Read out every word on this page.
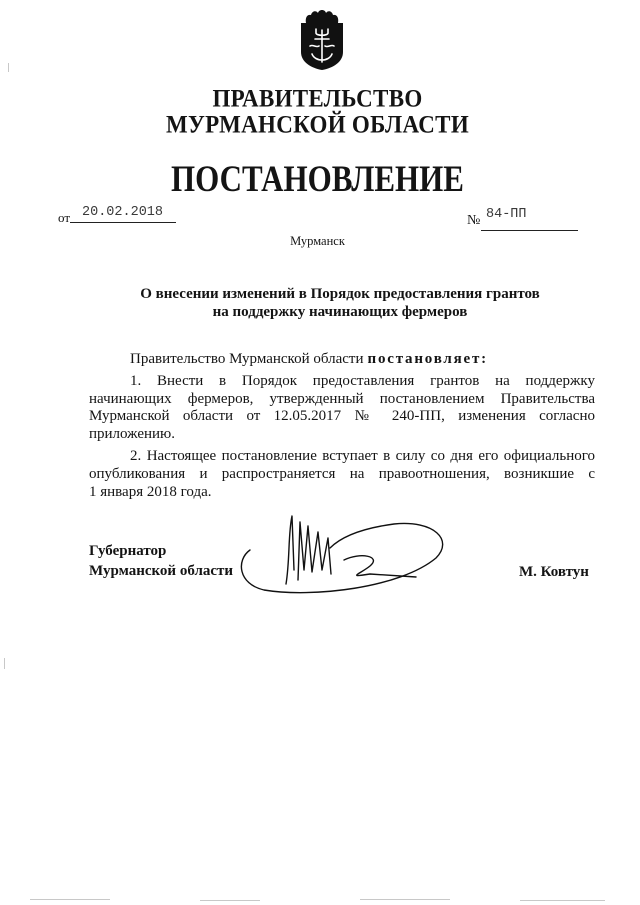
ПРАВИТЕЛЬСТВО
МУРМАНСКОЙ ОБЛАСТИ
ПОСТАНОВЛЕНИЕ
от 20.02.2018
№ 84-ПП
Мурманск
О внесении изменений в Порядок предоставления грантов
на поддержку начинающих фермеров
Правительство Мурманской области постановляет:
1. Внести в Порядок предоставления грантов на поддержку
начинающих фермеров, утвержденный постановлением Правительства
Мурманской области от 12.05.2017 № 240-ПП, изменения согласно
приложению.
2. Настоящее постановление вступает в силу со дня его официального
опубликования и распространяется на правоотношения, возникшие с
1 января 2018 года.
Губернатор
Мурманской области	М. Ковтун
